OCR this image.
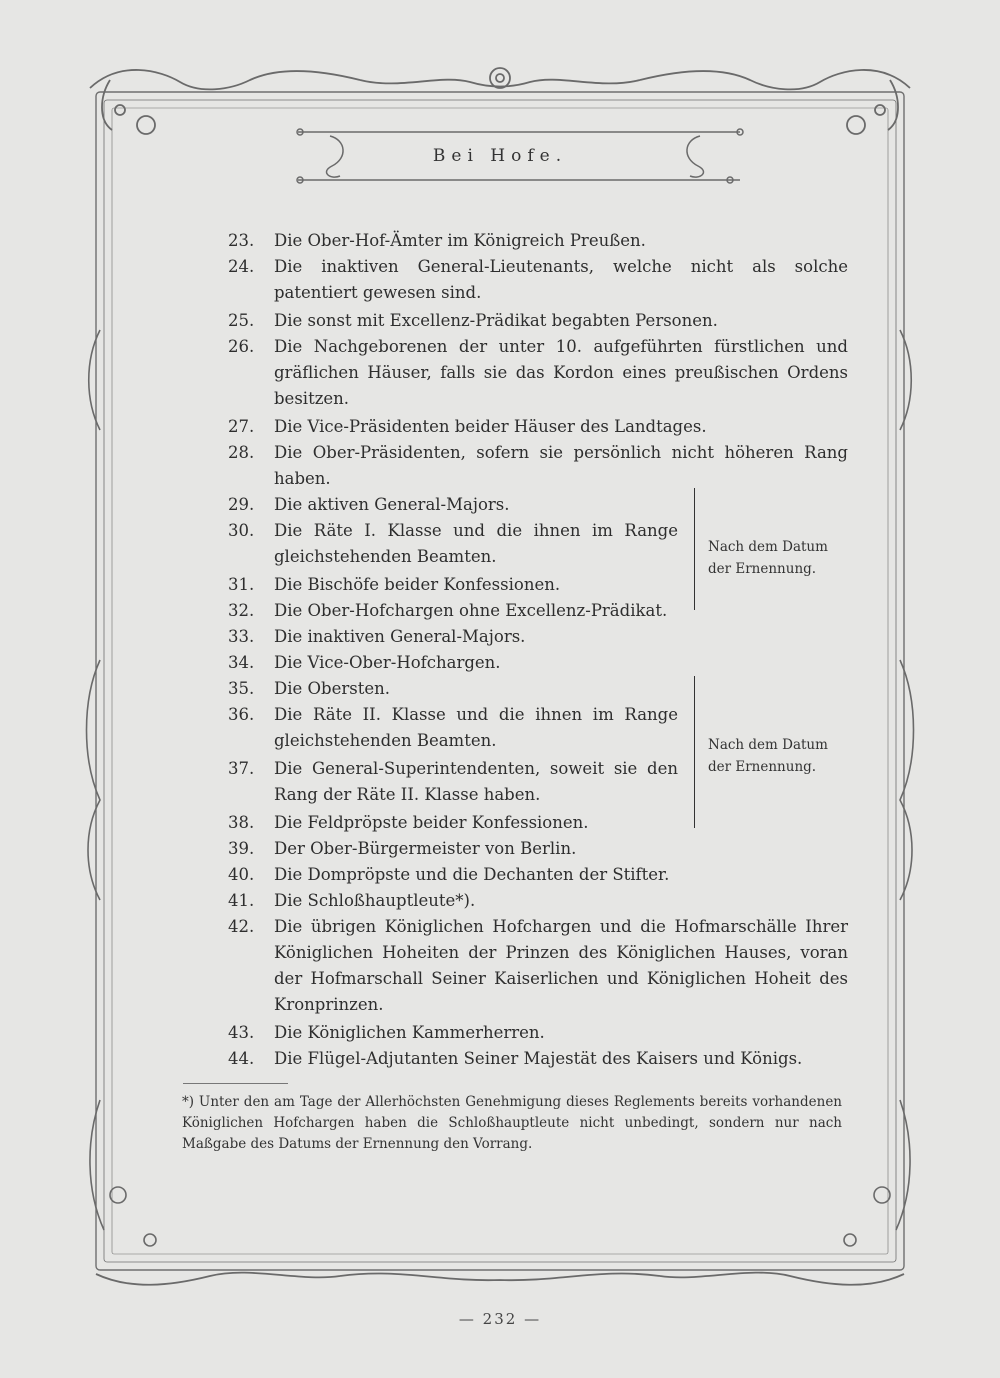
Bei Hofe.
23.	Die Ober-Hof-Ämter im Königreich Preußen.
24.	Die inaktiven General-Lieutenants, welche nicht als solche patentiert gewesen sind.
25.	Die sonst mit Excellenz-Prädikat begabten Personen.
26.	Die Nachgeborenen der unter 10. aufgeführten fürstlichen und gräflichen Häuser, falls sie das Kordon eines preußischen Ordens besitzen.
27.	Die Vice-Präsidenten beider Häuser des Landtages.
28.	Die Ober-Präsidenten, sofern sie persönlich nicht höheren Rang haben.
29.	Die aktiven General-Majors.
30.	Die Räte I. Klasse und die ihnen im Range gleichstehenden Beamten.
31.	Die Bischöfe beider Konfessionen.
32.	Die Ober-Hofchargen ohne Excellenz-Prädikat.
33.	Die inaktiven General-Majors.
34.	Die Vice-Ober-Hofchargen.
35.	Die Obersten.
36.	Die Räte II. Klasse und die ihnen im Range gleichstehenden Beamten.
37.	Die General-Superintendenten, soweit sie den Rang der Räte II. Klasse haben.
38.	Die Feldpröpste beider Konfessionen.
39.	Der Ober-Bürgermeister von Berlin.
40.	Die Dompröpste und die Dechanten der Stifter.
41.	Die Schloßhauptleute*).
42.	Die übrigen Königlichen Hofchargen und die Hofmarschälle Ihrer Königlichen Hoheiten der Prinzen des Königlichen Hauses, voran der Hofmarschall Seiner Kaiserlichen und Königlichen Hoheit des Kronprinzen.
43.	Die Königlichen Kammerherren.
44.	Die Flügel-Adjutanten Seiner Majestät des Kaisers und Königs.
Nach dem Datum
der Ernennung.
Nach dem Datum
der Ernennung.
*) Unter den am Tage der Allerhöchsten Genehmigung dieses Reglements bereits vorhandenen Königlichen Hofchargen haben die Schloßhauptleute nicht unbedingt, sondern nur nach Maßgabe des Datums der Ernennung den Vorrang.
— 232 —
